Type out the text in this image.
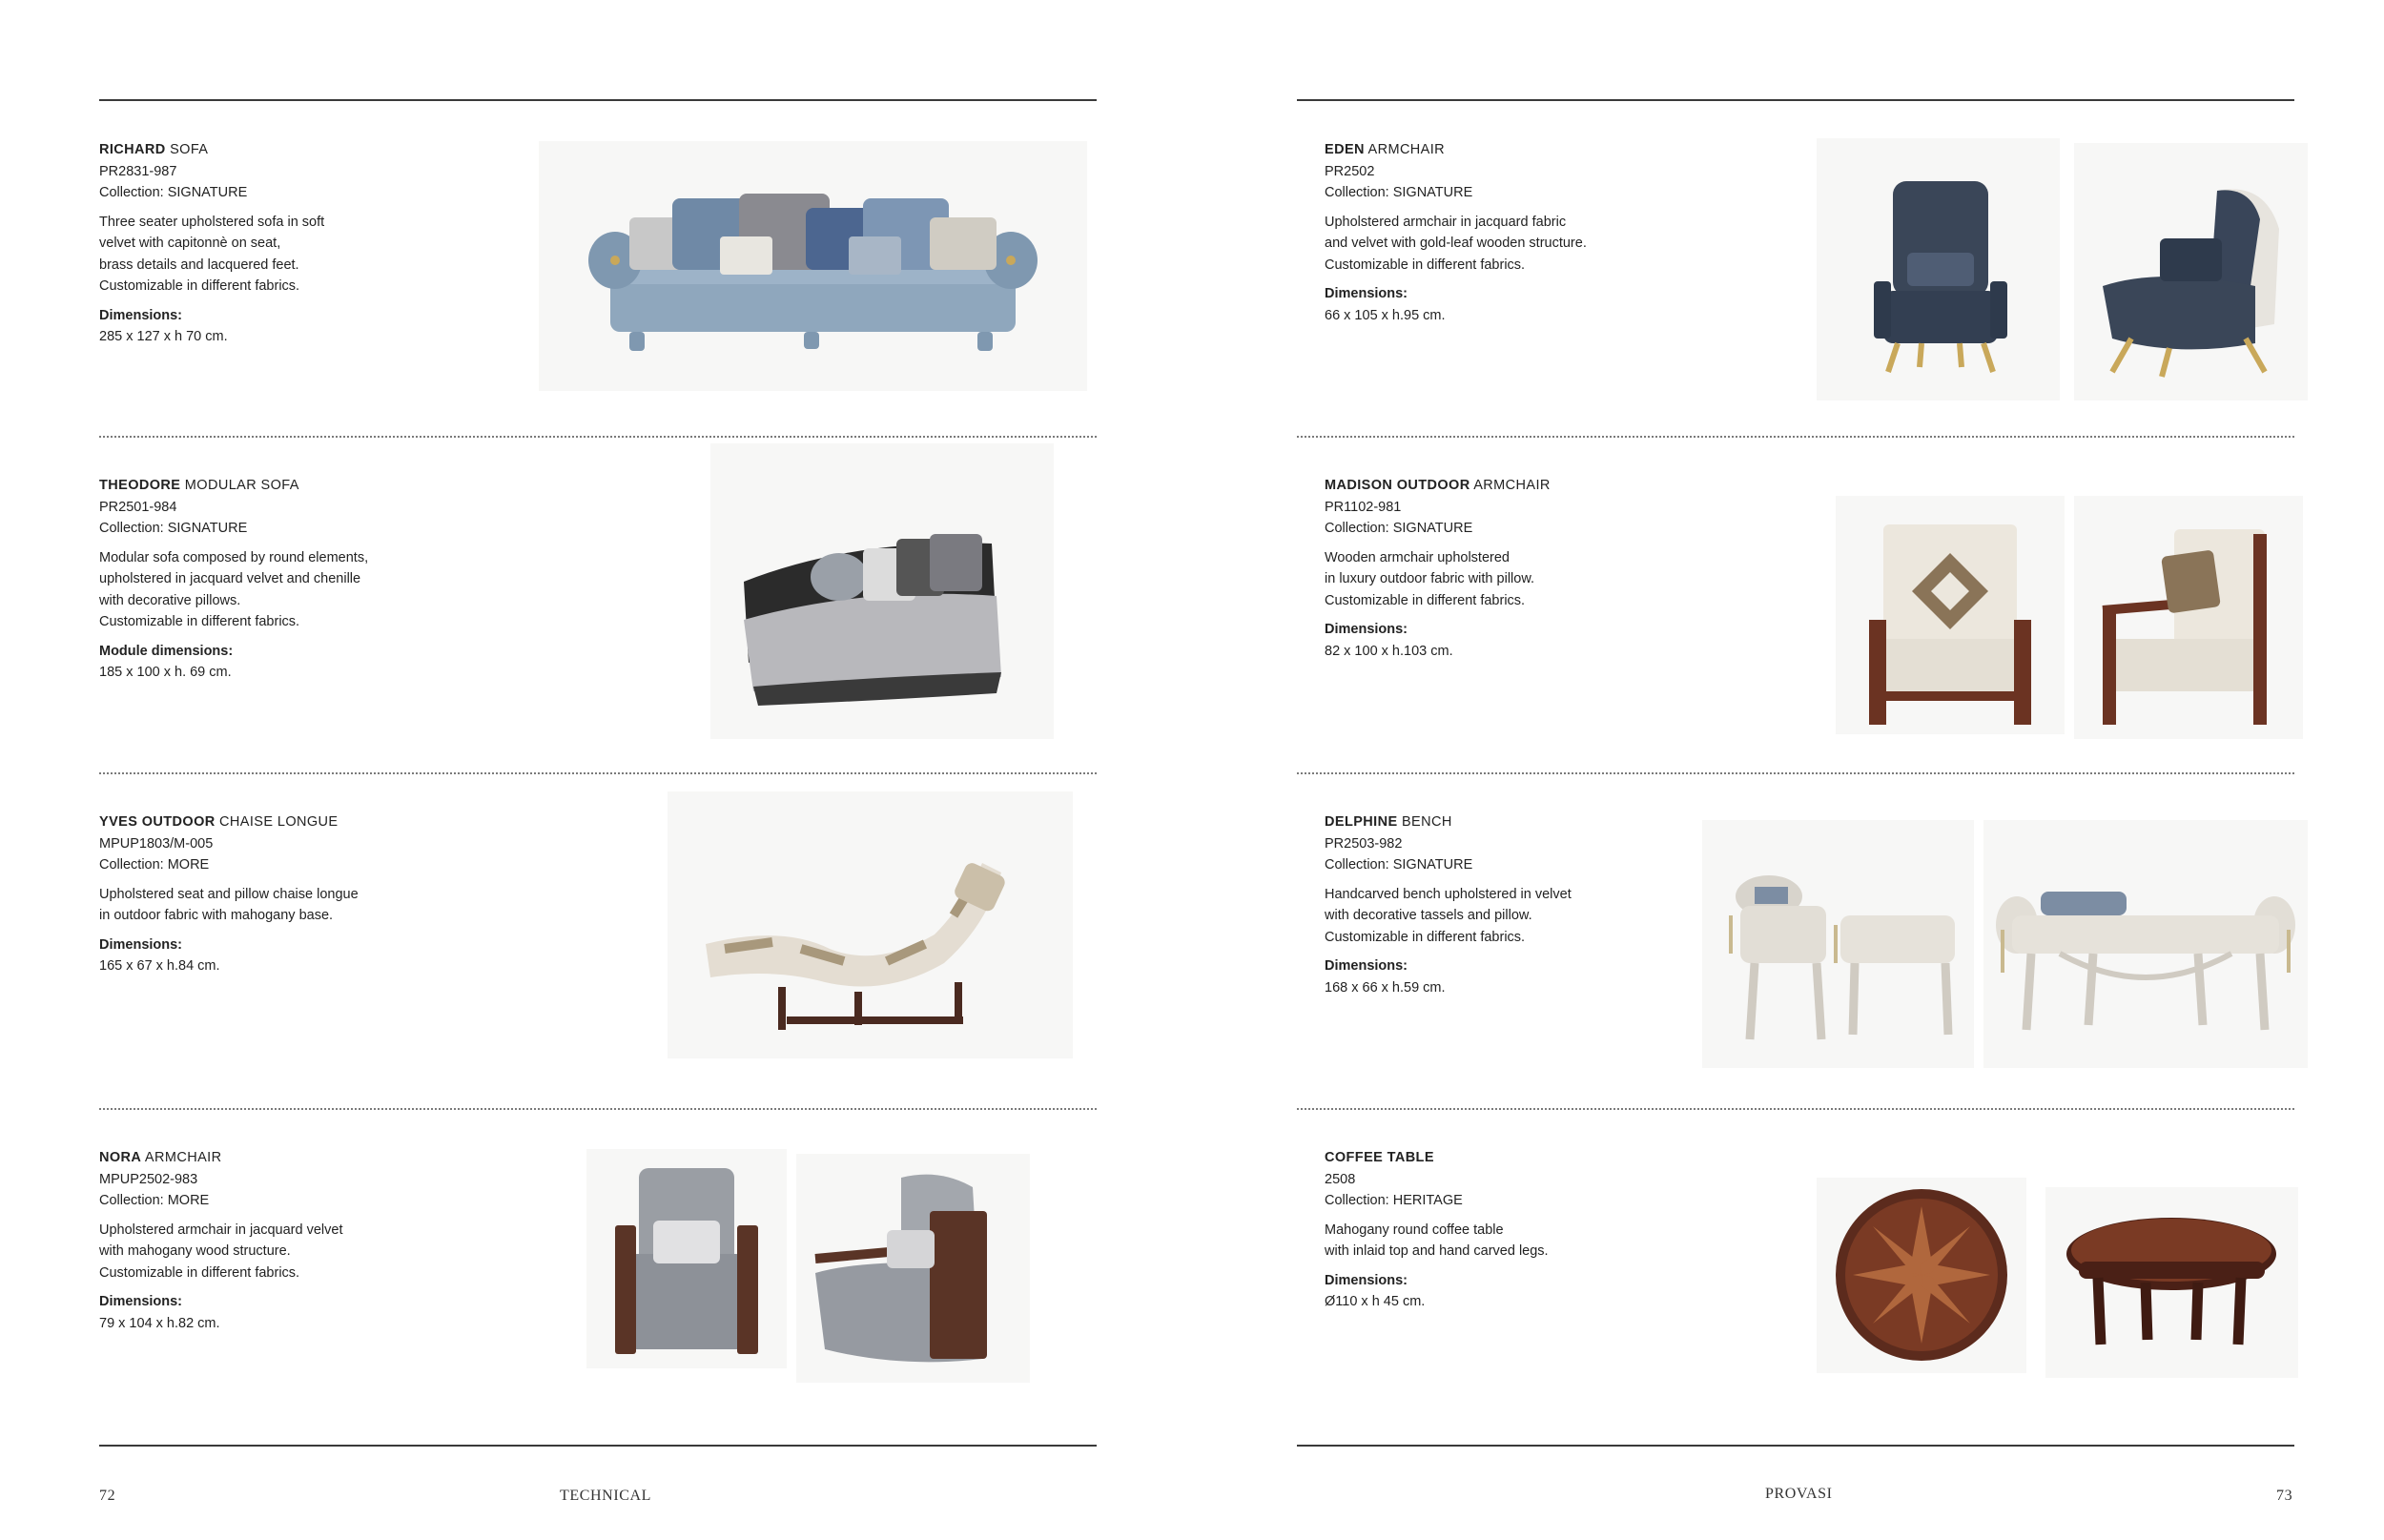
RICHARD SOFA
PR2831-987
Collection: SIGNATURE
Three seater upholstered sofa in soft
velvet with capitonnè on seat,
brass details and lacquered feet.
Customizable in different fabrics.
Dimensions:
285 x 127 x h 70 cm.
THEODORE MODULAR SOFA
PR2501-984
Collection: SIGNATURE
Modular sofa composed by round elements,
upholstered in jacquard velvet and chenille
with decorative pillows.
Customizable in different fabrics.
Module dimensions:
185 x 100 x h. 69 cm.
YVES OUTDOOR CHAISE LONGUE
MPUP1803/M-005
Collection: MORE
Upholstered seat and pillow chaise longue
in outdoor fabric with mahogany base.
Dimensions:
165 x 67 x h.84 cm.
NORA ARMCHAIR
MPUP2502-983
Collection: MORE
Upholstered armchair in jacquard velvet
with mahogany wood structure.
Customizable in different fabrics.
Dimensions:
79 x 104 x h.82 cm.
EDEN ARMCHAIR
PR2502
Collection: SIGNATURE
Upholstered armchair in jacquard fabric
and velvet with gold-leaf wooden structure.
Customizable in different fabrics.
Dimensions:
66 x 105 x h.95 cm.
MADISON OUTDOOR ARMCHAIR
PR1102-981
Collection: SIGNATURE
Wooden armchair upholstered
in luxury outdoor fabric with pillow.
Customizable in different fabrics.
Dimensions:
82 x 100 x h.103 cm.
DELPHINE BENCH
PR2503-982
Collection: SIGNATURE
Handcarved bench upholstered in velvet
with decorative tassels and pillow.
Customizable in different fabrics.
Dimensions:
168 x 66 x h.59 cm.
COFFEE TABLE
2508
Collection: HERITAGE
Mahogany round coffee table
with inlaid top and hand carved legs.
Dimensions:
Ø110 x h 45 cm.
72	TECHNICAL	PROVASI	73
